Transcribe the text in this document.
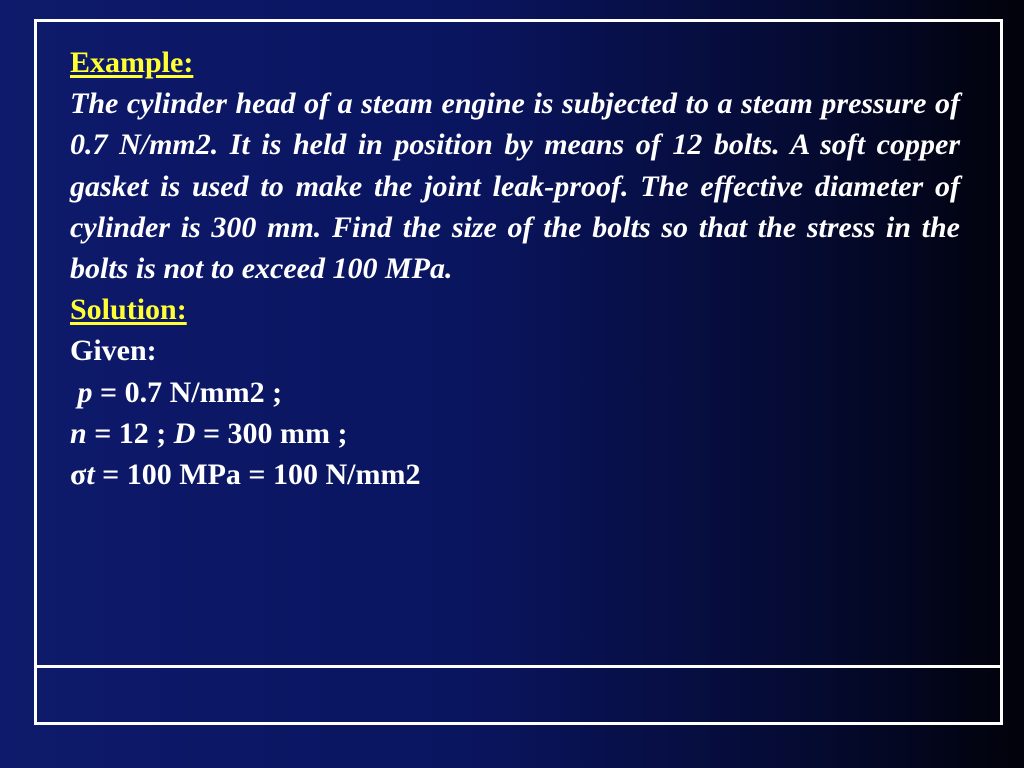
Example:

The cylinder head of a steam engine is subjected to a steam pressure of 0.7 N/mm2. It is held in position by means of 12 bolts. A soft copper gasket is used to make the joint leak-proof. The effective diameter of cylinder is 300 mm. Find the size of the bolts so that the stress in the bolts is not to exceed 100 MPa.

Solution:

Given:

p = 0.7 N/mm2 ;

n = 12 ; D = 300 mm ;

σt = 100 MPa = 100 N/mm2
